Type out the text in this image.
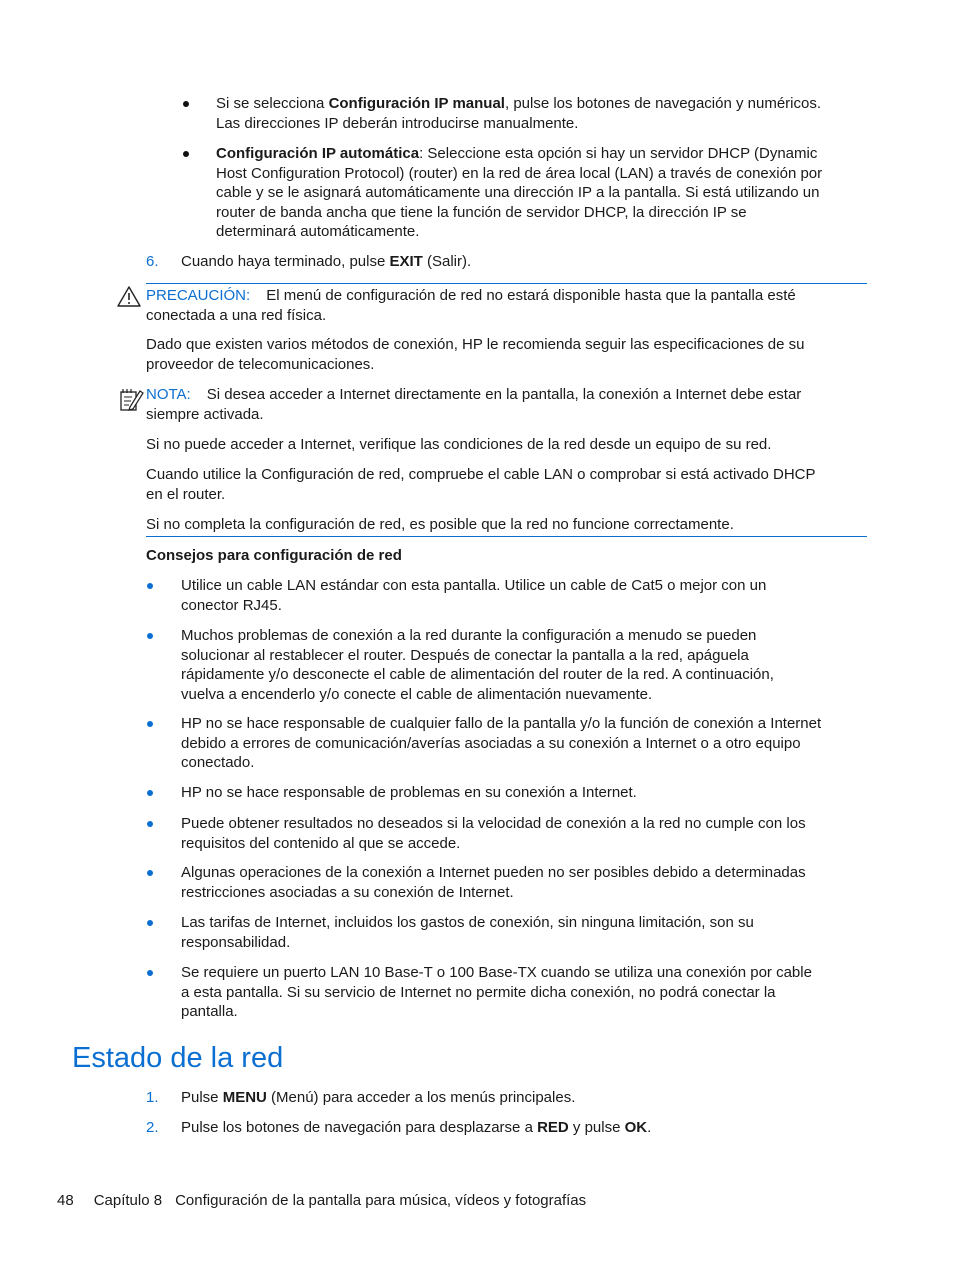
Si se selecciona Configuración IP manual, pulse los botones de navegación y numéricos.
Las direcciones IP deberán introducirse manualmente.
Configuración IP automática: Seleccione esta opción si hay un servidor DHCP (Dynamic
Host Configuration Protocol) (router) en la red de área local (LAN) a través de conexión por
cable y se le asignará automáticamente una dirección IP a la pantalla. Si está utilizando un
router de banda ancha que tiene la función de servidor DHCP, la dirección IP se
determinará automáticamente.
6. Cuando haya terminado, pulse EXIT (Salir).
PRECAUCIÓN: El menú de configuración de red no estará disponible hasta que la pantalla esté
conectada a una red física.
Dado que existen varios métodos de conexión, HP le recomienda seguir las especificaciones de su
proveedor de telecomunicaciones.
NOTA: Si desea acceder a Internet directamente en la pantalla, la conexión a Internet debe estar
siempre activada.
Si no puede acceder a Internet, verifique las condiciones de la red desde un equipo de su red.
Cuando utilice la Configuración de red, compruebe el cable LAN o comprobar si está activado DHCP
en el router.
Si no completa la configuración de red, es posible que la red no funcione correctamente.
Consejos para configuración de red
Utilice un cable LAN estándar con esta pantalla. Utilice un cable de Cat5 o mejor con un
conector RJ45.
Muchos problemas de conexión a la red durante la configuración a menudo se pueden
solucionar al restablecer el router. Después de conectar la pantalla a la red, apáguela
rápidamente y/o desconecte el cable de alimentación del router de la red. A continuación,
vuelva a encenderlo y/o conecte el cable de alimentación nuevamente.
HP no se hace responsable de cualquier fallo de la pantalla y/o la función de conexión a Internet
debido a errores de comunicación/averías asociadas a su conexión a Internet o a otro equipo
conectado.
HP no se hace responsable de problemas en su conexión a Internet.
Puede obtener resultados no deseados si la velocidad de conexión a la red no cumple con los
requisitos del contenido al que se accede.
Algunas operaciones de la conexión a Internet pueden no ser posibles debido a determinadas
restricciones asociadas a su conexión de Internet.
Las tarifas de Internet, incluidos los gastos de conexión, sin ninguna limitación, son su
responsabilidad.
Se requiere un puerto LAN 10 Base-T o 100 Base-TX cuando se utiliza una conexión por cable
a esta pantalla. Si su servicio de Internet no permite dicha conexión, no podrá conectar la
pantalla.
Estado de la red
1. Pulse MENU (Menú) para acceder a los menús principales.
2. Pulse los botones de navegación para desplazarse a RED y pulse OK.
48 Capítulo 8 Configuración de la pantalla para música, vídeos y fotografías
